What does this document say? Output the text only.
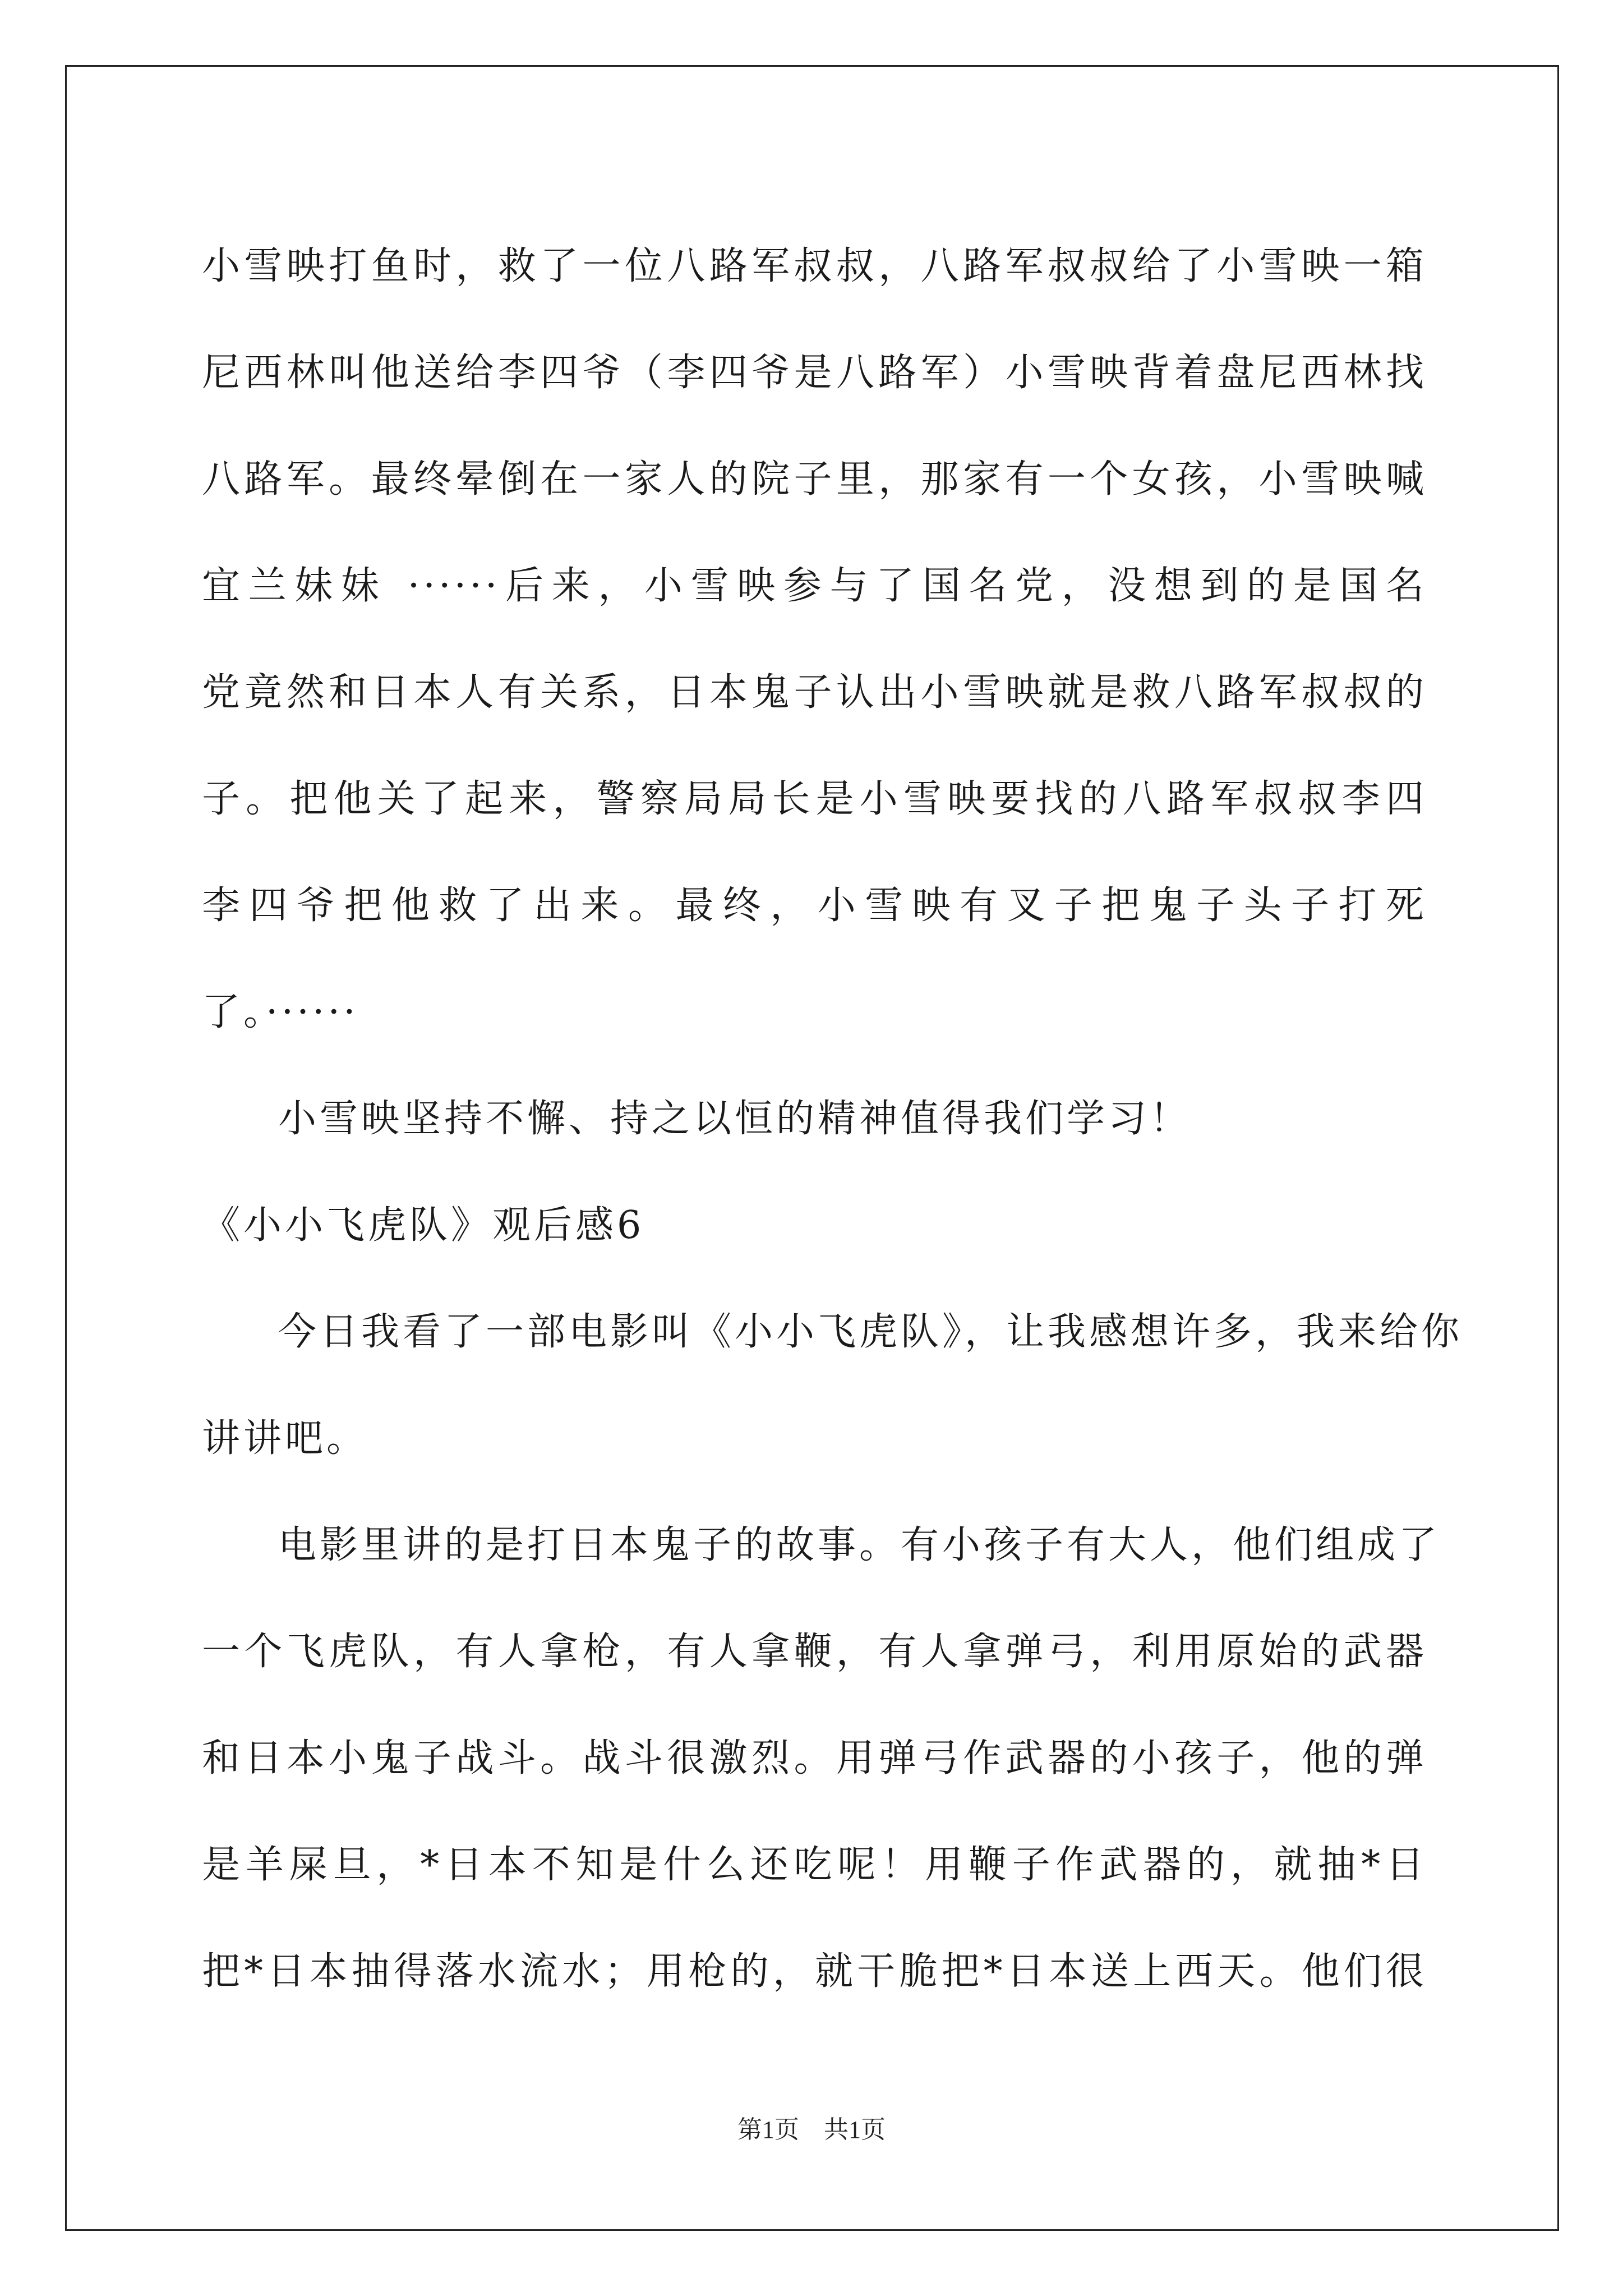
小雪映打鱼时，救了一位八路军叔叔，八路军叔叔给了小雪映一箱
尼西林叫他送给李四爷（李四爷是八路军）小雪映背着盘尼西林找
八路军。最终晕倒在一家人的院子里，那家有一个女孩，小雪映喊
宜兰妹妹 ······后来，小雪映参与了国名党，没想到的是国名
党竟然和日本人有关系，日本鬼子认出小雪映就是救八路军叔叔的
子。把他关了起来，警察局局长是小雪映要找的八路军叔叔李四
李四爷把他救了出来。最终，小雪映有叉子把鬼子头子打死
了。······
小雪映坚持不懈、持之以恒的精神值得我们学习！
《小小飞虎队》观后感6
今日我看了一部电影叫《小小飞虎队》，让我感想许多，我来给你
讲讲吧。
电影里讲的是打日本鬼子的故事。有小孩子有大人，他们组成了
一个飞虎队，有人拿枪，有人拿鞭，有人拿弹弓，利用原始的武器
和日本小鬼子战斗。战斗很激烈。用弹弓作武器的小孩子，他的弹
是羊屎旦，*日本不知是什么还吃呢！用鞭子作武器的，就抽*日
把*日本抽得落水流水；用枪的，就干脆把*日本送上西天。他们很
第1页　共1页
